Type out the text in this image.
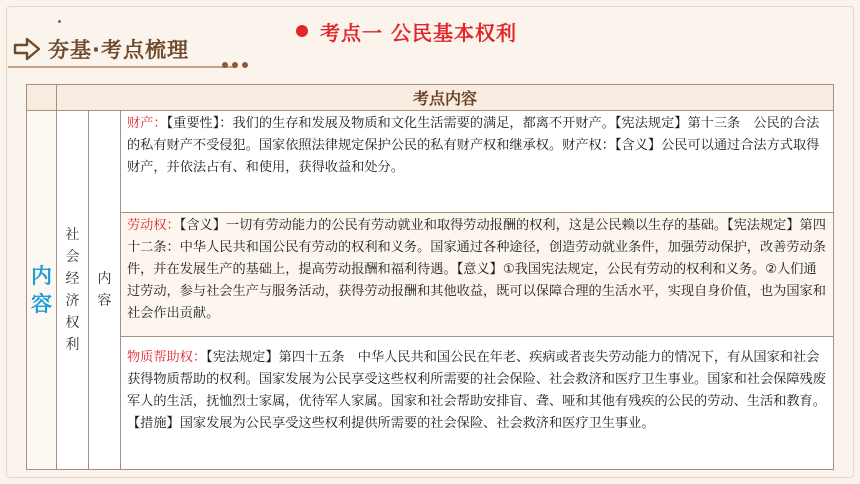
夯基·考点梳理
考点一 公民基本权利
	考点内容		

内容	社会经济权利	内容	财产：【重要性】：我们的生存和发展及物质和文化生活需要的满足，都离不开财产。【宪法规定】第十三条　公民的合法的私有财产不受侵犯。国家依照法律规定保护公民的私有财产权和继承权。财产权：【含义】公民可以通过合法方式取得财产，并依法占有、和使用，获得收益和处分。

			劳动权：【含义】一切有劳动能力的公民有劳动就业和取得劳动报酬的权利，这是公民赖以生存的基础。【宪法规定】第四十二条：中华人民共和国公民有劳动的权利和义务。国家通过各种途径，创造劳动就业条件，加强劳动保护，改善劳动条件，并在发展生产的基础上，提高劳动报酬和福利待遇。【意义】①我国宪法规定，公民有劳动的权利和义务。②人们通过劳动，参与社会生产与服务活动，获得劳动报酬和其他收益，既可以保障合理的生活水平，实现自身价值，也为国家和社会作出贡献。

			物质帮助权：【宪法规定】第四十五条　中华人民共和国公民在年老、疾病或者丧失劳动能力的情况下，有从国家和社会获得物质帮助的权利。国家发展为公民享受这些权利所需要的社会保险、社会救济和医疗卫生事业。国家和社会保障残废军人的生活，抚恤烈士家属，优待军人家属。国家和社会帮助安排盲、聋、哑和其他有残疾的公民的劳动、生活和教育。

【措施】国家发展为公民享受这些权利提供所需要的社会保险、社会救济和医疗卫生事业。
